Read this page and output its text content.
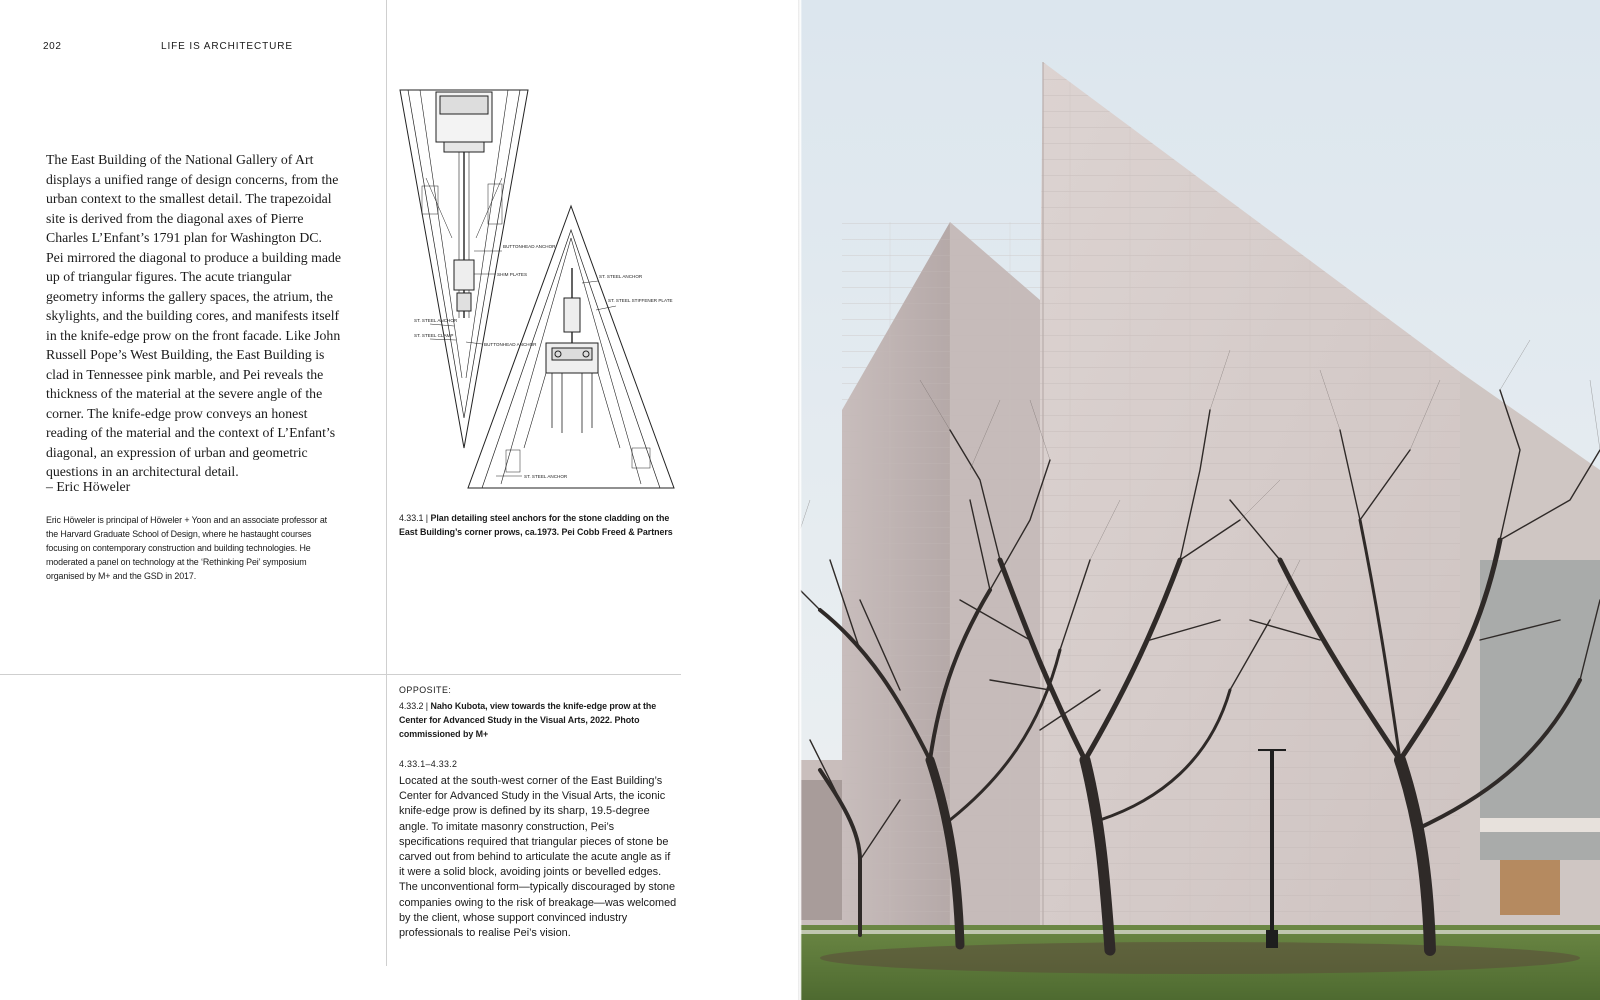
202	LIFE IS ARCHITECTURE

The East Building of the National Gallery of Art displays a unified range of design concerns, from the urban context to the smallest detail. The trapezoidal site is derived from the diagonal axes of Pierre Charles L’Enfant’s 1791 plan for Washington DC. Pei mirrored the diagonal to produce a building made up of triangular figures. The acute triangular geometry informs the gallery spaces, the atrium, the skylights, and the building cores, and manifests itself in the knife-edge prow on the front facade. Like John Russell Pope’s West Building, the East Building is clad in Tennessee pink marble, and Pei reveals the thickness of the material at the severe angle of the corner. The knife-edge prow conveys an honest reading of the material and the context of L’Enfant’s diagonal, an expression of urban and geometric questions in an architectural detail.

– Eric Höweler

Eric Höweler is principal of Höweler + Yoon and an associate professor at the Harvard Graduate School of Design, where he hastaught courses focusing on contemporary construction and building technologies. He moderated a panel on technology at the ‘Rethinking Pei’ symposium organised by M+ and the GSD in 2017.

BUTTONHEAD ANCHOR
SHIM PLATES
ST. STEEL ANCHOR
ST. STEEL CLAMP
BUTTONHEAD ANCHOR
ST. STEEL ANCHOR
ST. STEEL STIFFENER PLATE
ST. STEEL ANCHOR

4.33.1 | Plan detailing steel anchors for the stone cladding on the East Building’s corner prows, ca.1973. Pei Cobb Freed & Partners

OPPOSITE:

4.33.2 | Naho Kubota, view towards the knife-edge prow at the Center for Advanced Study in the Visual Arts, 2022. Photo commissioned by M+

4.33.1–4.33.2

Located at the south-west corner of the East Building’s Center for Advanced Study in the Visual Arts, the iconic knife-edge prow is defined by its sharp, 19.5-degree angle. To imitate masonry construction, Pei’s specifications required that triangular pieces of stone be carved out from behind to articulate the acute angle as if it were a solid block, avoiding joints or bevelled edges. The unconventional form—typically discouraged by stone companies owing to the risk of breakage—was welcomed by the client, whose support convinced industry professionals to realise Pei’s vision.
